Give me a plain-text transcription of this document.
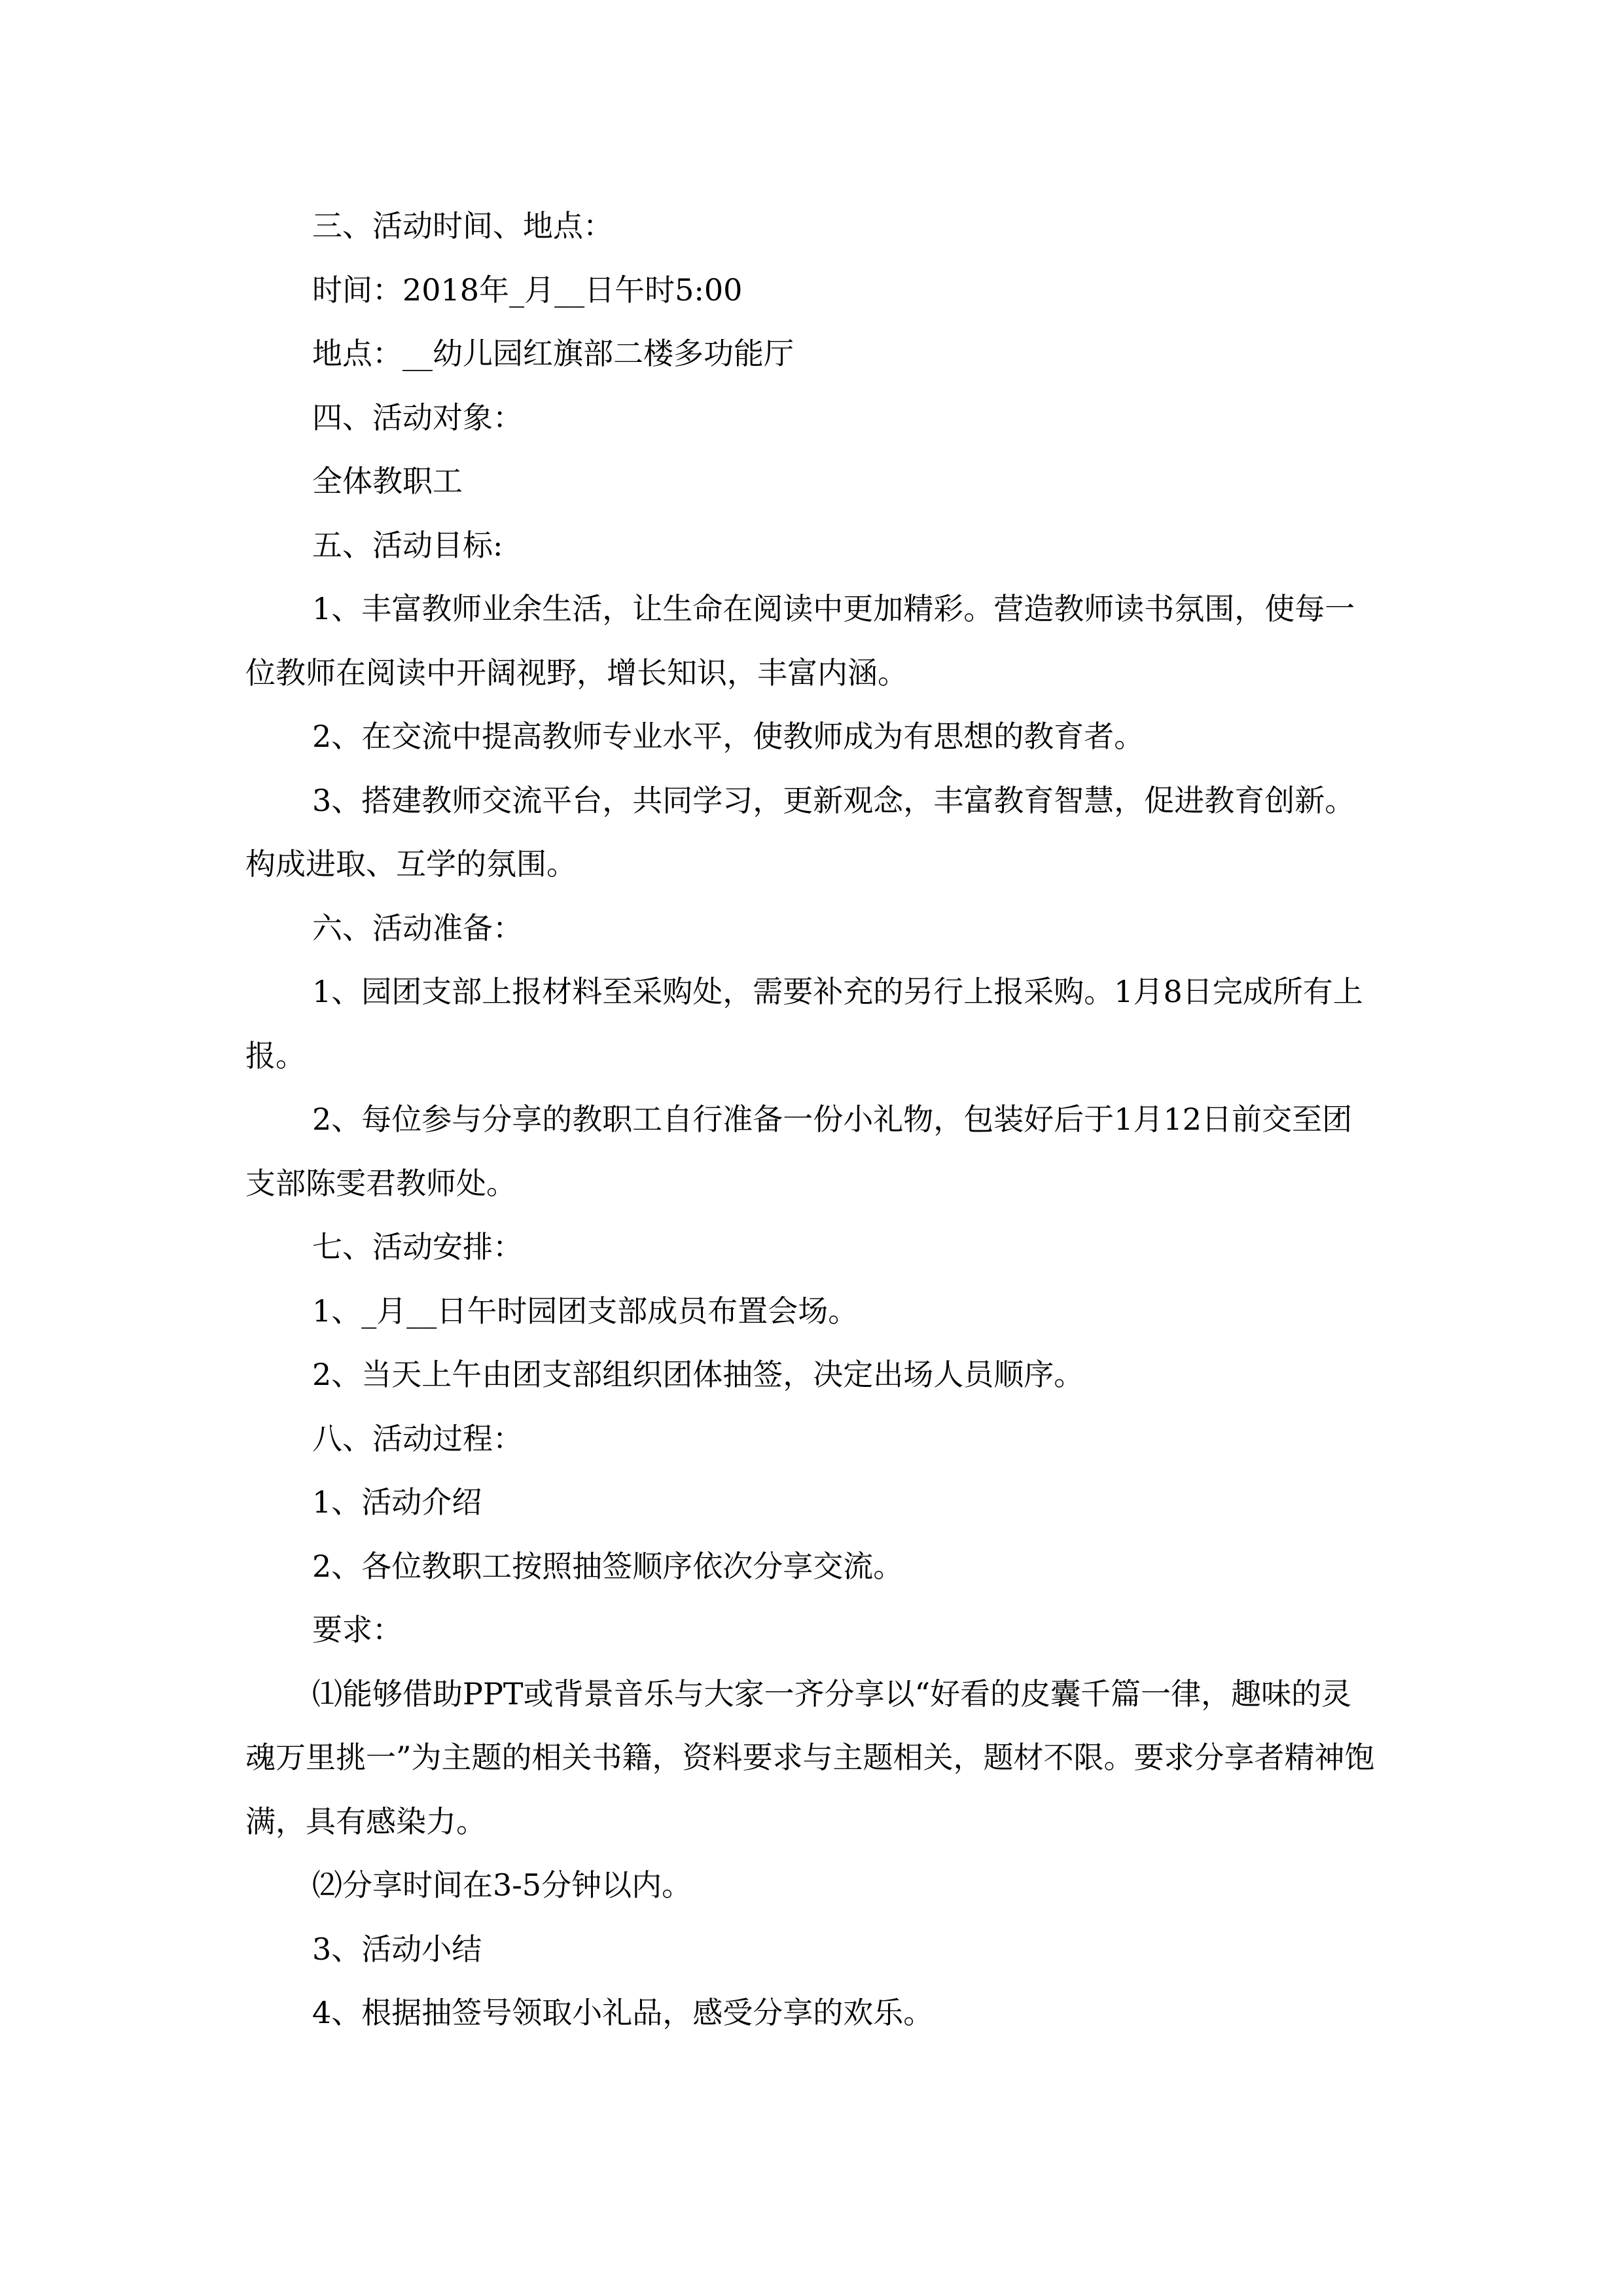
三、活动时间、地点：

时间：2018年_月__日午时5:00

地点：__幼儿园红旗部二楼多功能厅

四、活动对象：

全体教职工

五、活动目标:

1、丰富教师业余生活，让生命在阅读中更加精彩。营造教师读书氛围，使每一位教师在阅读中开阔视野，增长知识，丰富内涵。

2、在交流中提高教师专业水平，使教师成为有思想的教育者。

3、搭建教师交流平台，共同学习，更新观念，丰富教育智慧，促进教育创新。构成进取、互学的氛围。

六、活动准备：

1、园团支部上报材料至采购处，需要补充的另行上报采购。1月8日完成所有上报。

2、每位参与分享的教职工自行准备一份小礼物，包装好后于1月12日前交至团支部陈雯君教师处。

七、活动安排：

1、_月__日午时园团支部成员布置会场。

2、当天上午由团支部组织团体抽签，决定出场人员顺序。

八、活动过程：

1、活动介绍

2、各位教职工按照抽签顺序依次分享交流。

要求：

⑴能够借助PPT或背景音乐与大家一齐分享以“好看的皮囊千篇一律，趣味的灵魂万里挑一”为主题的相关书籍，资料要求与主题相关，题材不限。要求分享者精神饱满，具有感染力。

⑵分享时间在3-5分钟以内。

3、活动小结

4、根据抽签号领取小礼品，感受分享的欢乐。
